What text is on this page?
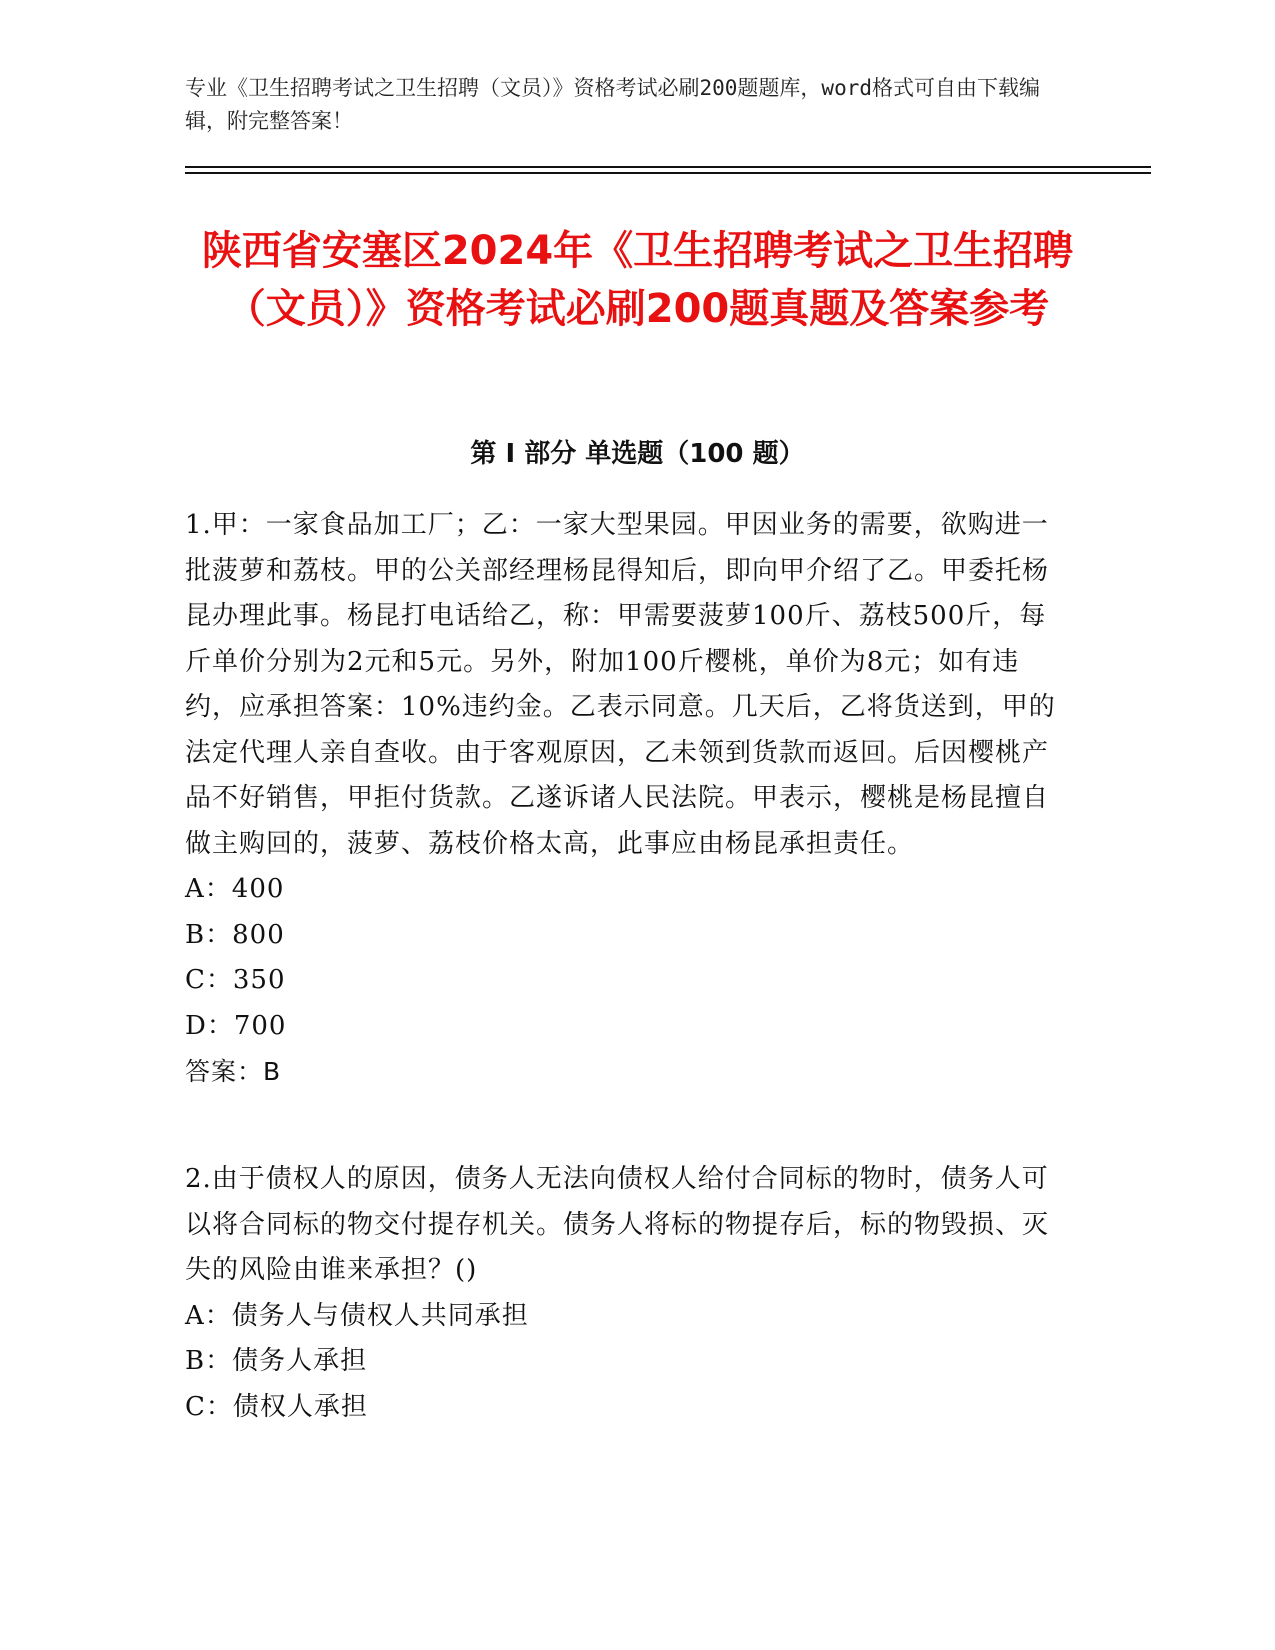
专业《卫生招聘考试之卫生招聘（文员）》资格考试必刷200题题库，word格式可自由下载编辑，附完整答案！
陕西省安塞区2024年《卫生招聘考试之卫生招聘（文员）》资格考试必刷200题真题及答案参考
第 I 部分 单选题（100 题）
1.甲：一家食品加工厂；乙：一家大型果园。甲因业务的需要，欲购进一批菠萝和荔枝。甲的公关部经理杨昆得知后，即向甲介绍了乙。甲委托杨昆办理此事。杨昆打电话给乙，称：甲需要菠萝100斤、荔枝500斤，每斤单价分别为2元和5元。另外，附加100斤樱桃，单价为8元；如有违约，应承担答案：10%违约金。乙表示同意。几天后，乙将货送到，甲的法定代理人亲自查收。由于客观原因，乙未领到货款而返回。后因樱桃产品不好销售，甲拒付货款。乙遂诉诸人民法院。甲表示，樱桃是杨昆擅自做主购回的，菠萝、荔枝价格太高，此事应由杨昆承担责任。
A：400
B：800
C：350
D：700
答案：B
2.由于债权人的原因，债务人无法向债权人给付合同标的物时，债务人可以将合同标的物交付提存机关。债务人将标的物提存后，标的物毁损、灭失的风险由谁来承担？()
A：债务人与债权人共同承担
B：债务人承担
C：债权人承担
